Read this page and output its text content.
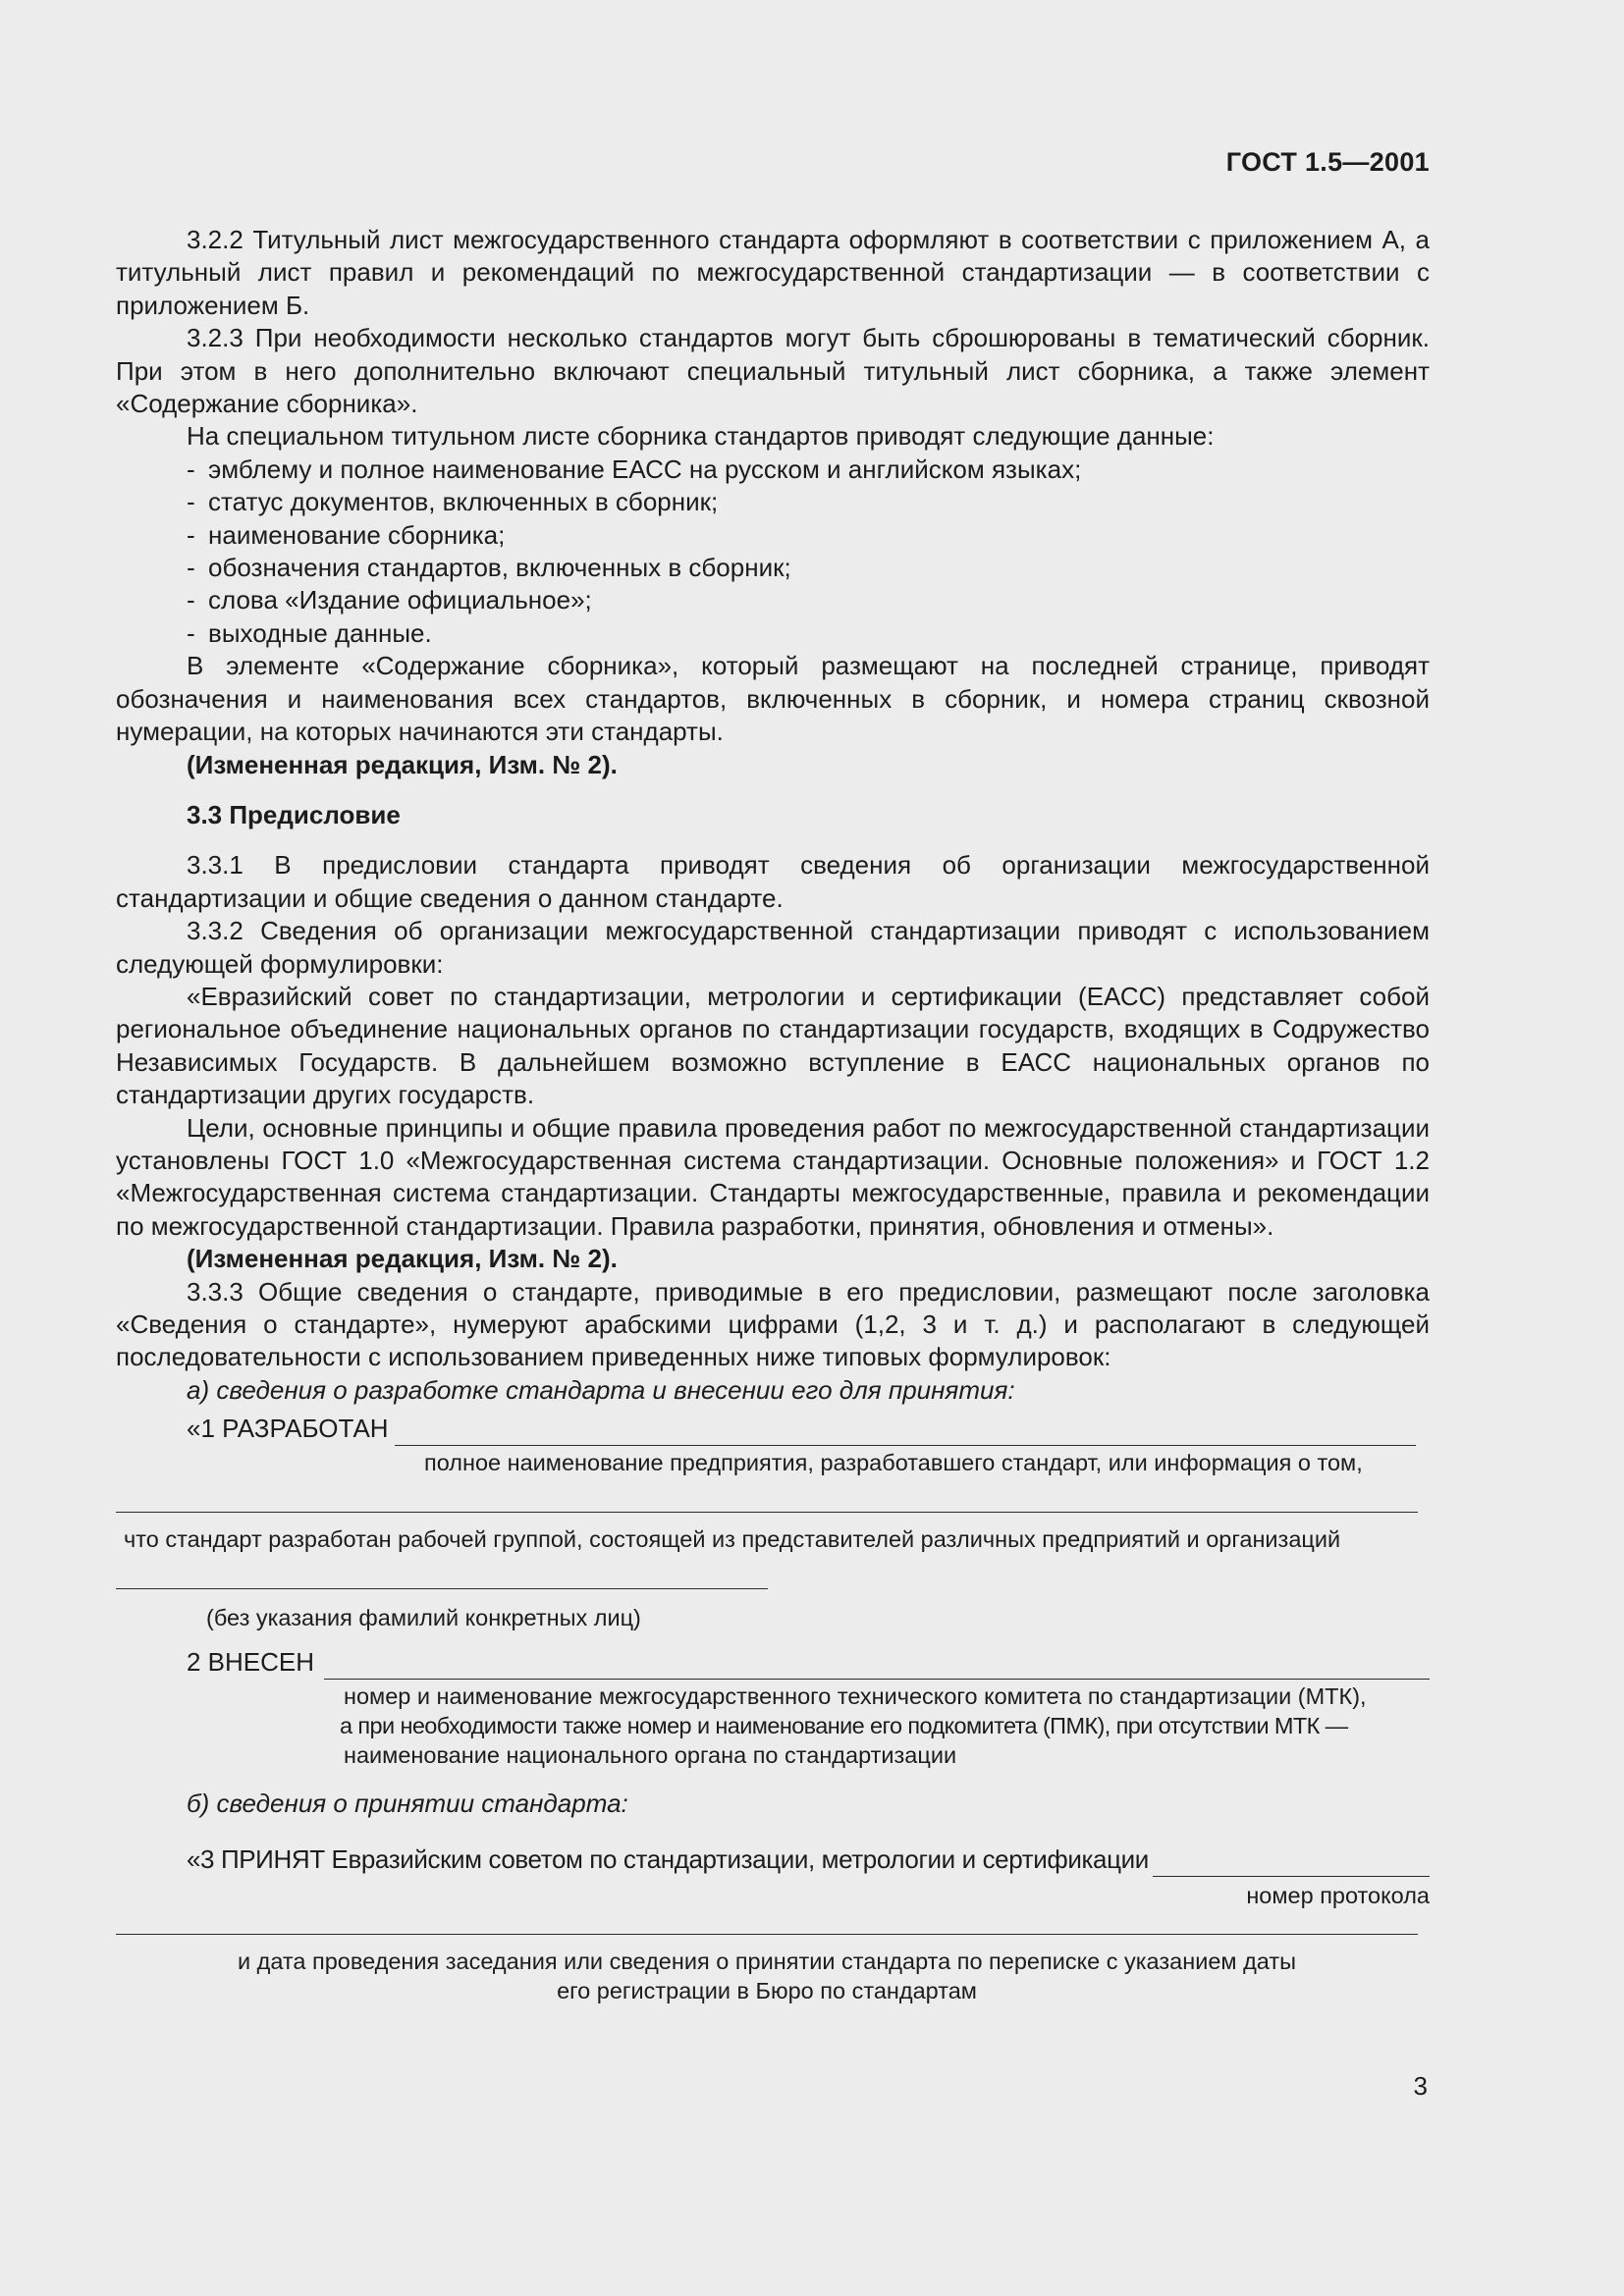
ГОСТ 1.5—2001

3.2.2 Титульный лист межгосударственного стандарта оформляют в соответствии с приложением А, а титульный лист правил и рекомендаций по межгосударственной стандартизации — в соответствии с приложением Б.

3.2.3 При необходимости несколько стандартов могут быть сброшюрованы в тематический сборник. При этом в него дополнительно включают специальный титульный лист сборника, а также элемент «Содержание сборника».

На специальном титульном листе сборника стандартов приводят следующие данные:

- эмблему и полное наименование ЕАСС на русском и английском языках;

- статус документов, включенных в сборник;

- наименование сборника;

- обозначения стандартов, включенных в сборник;

- слова «Издание официальное»;

- выходные данные.

В элементе «Содержание сборника», который размещают на последней странице, приводят обозначения и наименования всех стандартов, включенных в сборник, и номера страниц сквозной нумерации, на которых начинаются эти стандарты.

(Измененная редакция, Изм. № 2).

3.3 Предисловие

3.3.1 В предисловии стандарта приводят сведения об организации межгосударственной стандартизации и общие сведения о данном стандарте.

3.3.2 Сведения об организации межгосударственной стандартизации приводят с использованием следующей формулировки:

«Евразийский совет по стандартизации, метрологии и сертификации (ЕАСС) представляет собой региональное объединение национальных органов по стандартизации государств, входящих в Содружество Независимых Государств. В дальнейшем возможно вступление в ЕАСС национальных органов по стандартизации других государств.

Цели, основные принципы и общие правила проведения работ по межгосударственной стандартизации установлены ГОСТ 1.0 «Межгосударственная система стандартизации. Основные положения» и ГОСТ 1.2 «Межгосударственная система стандартизации. Стандарты межгосударственные, правила и рекомендации по межгосударственной стандартизации. Правила разработки, принятия, обновления и отмены».

(Измененная редакция, Изм. № 2).

3.3.3 Общие сведения о стандарте, приводимые в его предисловии, размещают после заголовка «Сведения о стандарте», нумеруют арабскими цифрами (1,2, 3 и т. д.) и располагают в следующей последовательности с использованием приведенных ниже типовых формулировок:

а) сведения о разработке стандарта и внесении его для принятия:

«1 РАЗРАБОТАН

полное наименование предприятия, разработавшего стандарт, или информация о том,

что стандарт разработан рабочей группой, состоящей из представителей различных предприятий и организаций

(без указания фамилий конкретных лиц)

2 ВНЕСЕН

номер и наименование межгосударственного технического комитета по стандартизации (МТК),

а при необходимости также номер и наименование его подкомитета (ПМК), при отсутствии МТК —

наименование национального органа по стандартизации

б) сведения о принятии стандарта:

«3 ПРИНЯТ Евразийским советом по стандартизации, метрологии и сертификации

номер протокола

и дата проведения заседания или сведения о принятии стандарта по переписке с указанием даты

его регистрации в Бюро по стандартам

3
